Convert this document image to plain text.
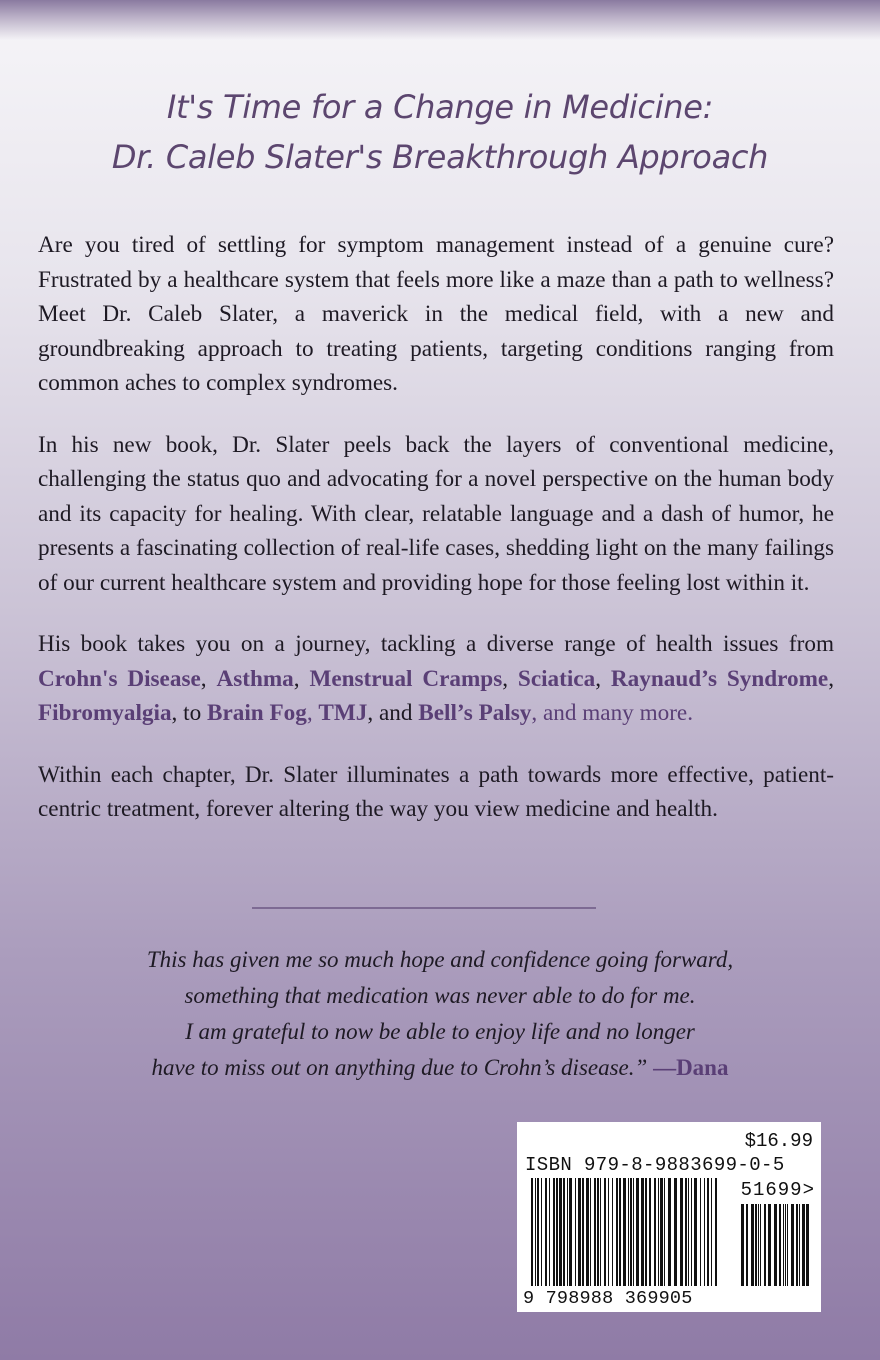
It's Time for a Change in Medicine:
Dr. Caleb Slater's Breakthrough Approach

Are you tired of settling for symptom management instead of a genuine cure? Frustrated by a healthcare system that feels more like a maze than a path to wellness? Meet Dr. Caleb Slater, a maverick in the medical field, with a new and groundbreaking approach to treating patients, targeting conditions ranging from common aches to complex syndromes.

In his new book, Dr. Slater peels back the layers of conventional medicine, challenging the status quo and advocating for a novel perspective on the human body and its capacity for healing. With clear, relatable language and a dash of humor, he presents a fascinating collection of real-life cases, shedding light on the many failings of our current healthcare system and providing hope for those feeling lost within it.

His book takes you on a journey, tackling a diverse range of health issues from Crohn's Disease, Asthma, Menstrual Cramps, Sciatica, Raynaud’s Syndrome, Fibromyalgia, to Brain Fog, TMJ, and Bell’s Palsy, and many more.

Within each chapter, Dr. Slater illuminates a path towards more effective, patient-centric treatment, forever altering the way you view medicine and health.

This has given me so much hope and confidence going forward,
something that medication was never able to do for me.
I am grateful to now be able to enjoy life and no longer
have to miss out on anything due to Crohn’s disease.” —Dana
$16.99
ISBN 979-8-9883699-0-5
51699>
9 798988 369905
